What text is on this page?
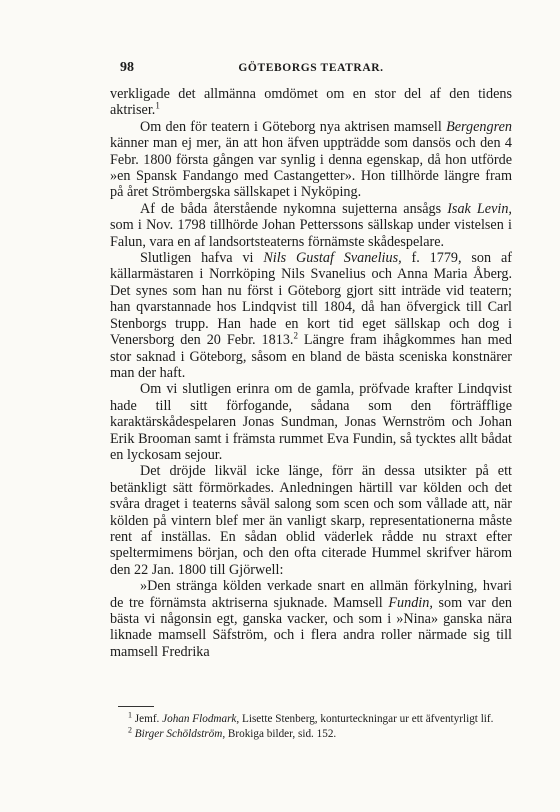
98	GÖTEBORGS TEATRAR.

verkligade det allmänna omdömet om en stor del af den tidens aktriser.$^1$

Om den för teatern i Göteborg nya aktrisen mamsell Bergengren känner man ej mer, än att hon äfven uppträdde som dansös och den 4 Febr. 1800 första gången var synlig i denna egenskap, då hon utförde »en Spansk Fandango med Castangetter». Hon tillhörde längre fram på året Strömbergska sällskapet i Nyköping.

Af de båda återstående nykomna sujetterna ansågs Isak Levin, som i Nov. 1798 tillhörde Johan Petterssons sällskap under vistelsen i Falun, vara en af landsortsteaterns förnämste skådespelare.

Slutligen hafva vi Nils Gustaf Svanelius, f. 1779, son af källarmästaren i Norrköping Nils Svanelius och Anna Maria Åberg. Det synes som han nu först i Göteborg gjort sitt inträde vid teatern; han qvarstannade hos Lindqvist till 1804, då han öfvergick till Carl Stenborgs trupp. Han hade en kort tid eget sällskap och dog i Venersborg den 20 Febr. 1813.$^2$ Längre fram ihågkommes han med stor saknad i Göteborg, såsom en bland de bästa sceniska konstnärer man der haft.

Om vi slutligen erinra om de gamla, pröfvade krafter Lindqvist hade till sitt förfogande, sådana som den förträfflige karaktärskådespelaren Jonas Sundman, Jonas Wernström och Johan Erik Brooman samt i främsta rummet Eva Fundin, så tycktes allt bådat en lyckosam sejour.

Det dröjde likväl icke länge, förr än dessa utsikter på ett betänkligt sätt förmörkades. Anledningen härtill var kölden och det svåra draget i teaterns såväl salong som scen och som vållade att, när kölden på vintern blef mer än vanligt skarp, representationerna måste rent af inställas. En sådan oblid väderlek rådde nu straxt efter speltermimens början, och den ofta citerade Hummel skrifver härom den 22 Jan. 1800 till Gjörwell:

»Den stränga kölden verkade snart en allmän förkylning, hvari de tre förnämsta aktriserna sjuknade. Mamsell Fundin, som var den bästa vi någonsin egt, ganska vacker, och som i »Nina» ganska nära liknade mamsell Säfström, och i flera andra roller närmade sig till mamsell Fredrika

$^1$ Jemf. Johan Flodmark, Lisette Stenberg, konturteckningar ur ett äfventyrligt lif.

$^2$ Birger Schöldström, Brokiga bilder, sid. 152.
